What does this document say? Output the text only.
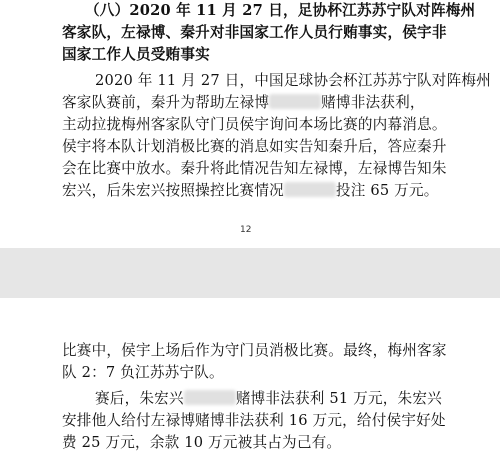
（八）2020 年 11 月 27 日，足协杯江苏苏宁队对阵梅州
客家队，左禄博、秦升对非国家工作人员行贿事实，侯宇非
国家工作人员受贿事实
2020 年 11 月 27 日，中国足球协会杯江苏苏宁队对阵梅州
客家队赛前，秦升为帮助左禄博	赌博非法获利，
主动拉拢梅州客家队守门员侯宇询问本场比赛的内幕消息。
侯宇将本队计划消极比赛的消息如实告知秦升后，答应秦升
会在比赛中放水。秦升将此情况告知左禄博，左禄博告知朱
宏兴，后朱宏兴按照操控比赛情况	投注 65 万元。
12
比赛中，侯宇上场后作为守门员消极比赛。最终，梅州客家
队 2：7 负江苏苏宁队。
赛后，朱宏兴	赌博非法获利 51 万元，朱宏兴
安排他人给付左禄博赌博非法获利 16 万元，给付侯宇好处
费 25 万元，余款 10 万元被其占为己有。
